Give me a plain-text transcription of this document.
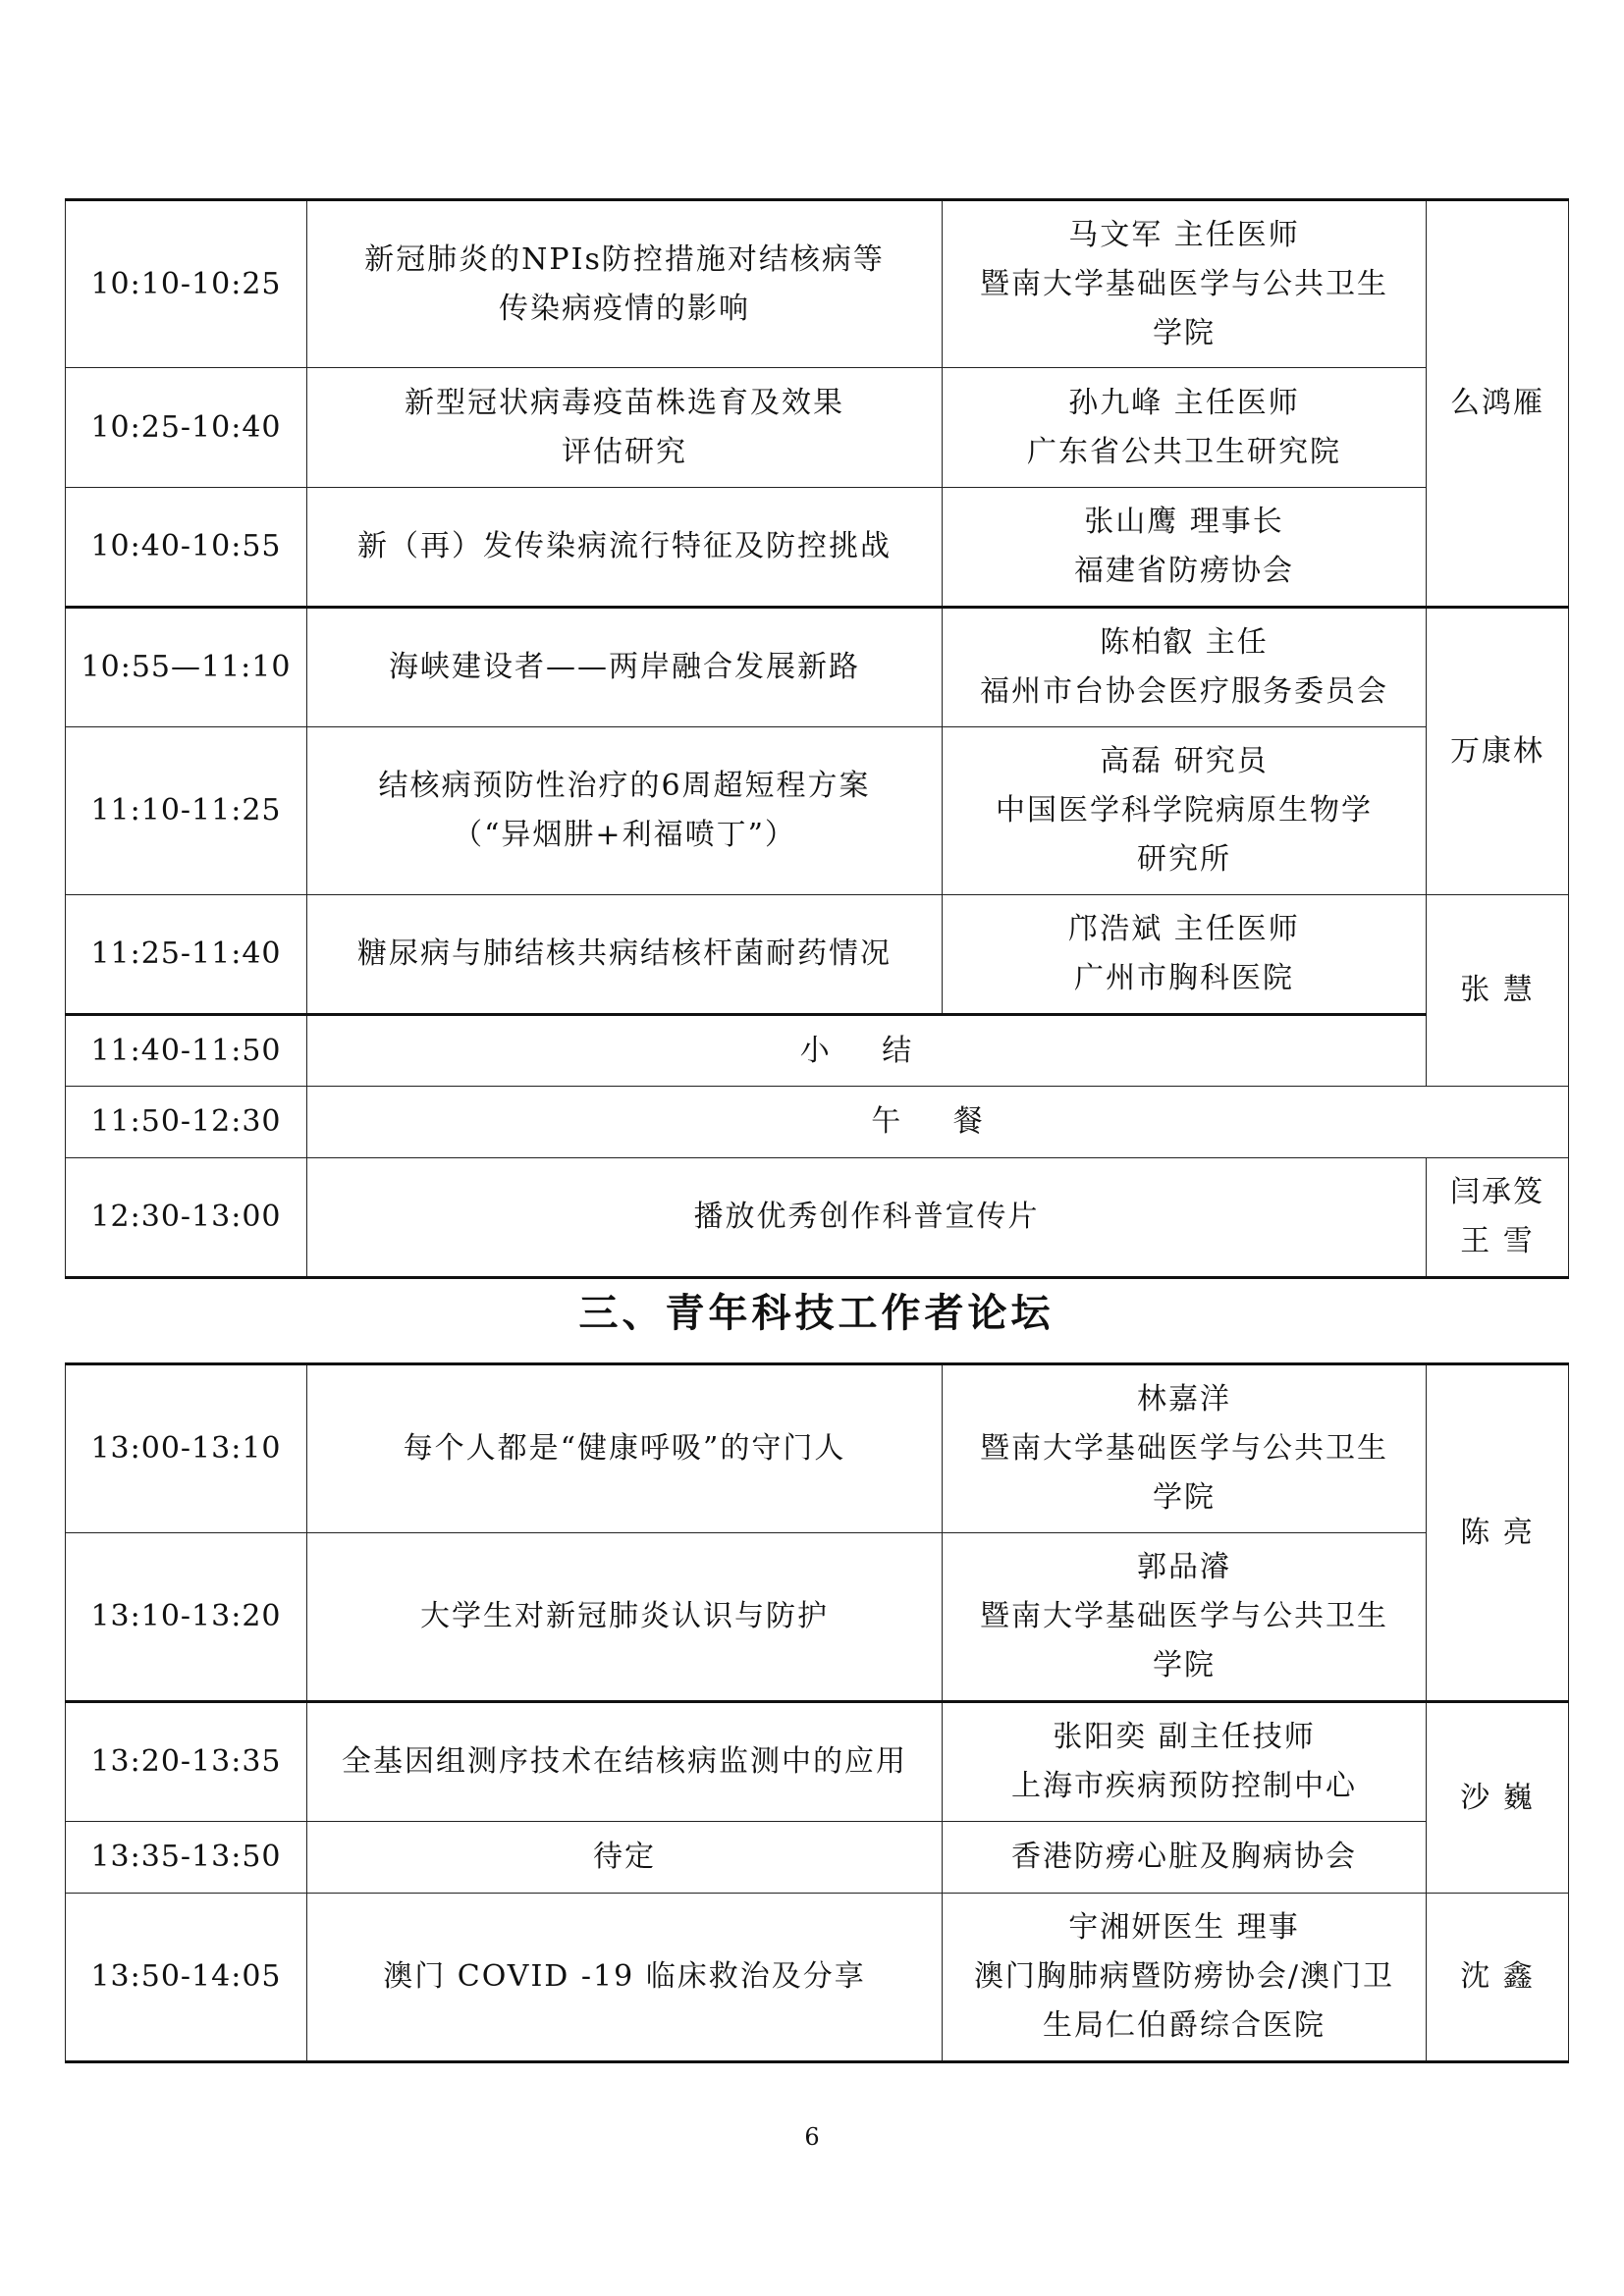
10:10-10:25	新冠肺炎的NPIs防控措施对结核病等
传染病疫情的影响	马文军 主任医师
暨南大学基础医学与公共卫生
学院	么鸿雁
10:25-10:40	新型冠状病毒疫苗株选育及效果
评估研究	孙九峰 主任医师
广东省公共卫生研究院	

10:40-10:55	新（再）发传染病流行特征及防控挑战	张山鹰 理事长
福建省防痨协会	

10:55—11:10	海峡建设者——两岸融合发展新路	陈柏叡 主任
福州市台协会医疗服务委员会	万康林
11:10-11:25	结核病预防性治疗的6周超短程方案
（“异烟肼+利福喷丁”）	高磊 研究员
中国医学科学院病原生物学
研究所	

11:25-11:40	糖尿病与肺结核共病结核杆菌耐药情况	邝浩斌 主任医师
广州市胸科医院	张 慧
11:40-11:50	小 结		

11:50-12:30	午 餐		

12:30-13:00	播放优秀创作科普宣传片		闫承笈
王 雪
三、青年科技工作者论坛
13:00-13:10	每个人都是“健康呼吸”的守门人	林嘉洋
暨南大学基础医学与公共卫生
学院	陈 亮
13:10-13:20	大学生对新冠肺炎认识与防护	郭品濬
暨南大学基础医学与公共卫生
学院	

13:20-13:35	全基因组测序技术在结核病监测中的应用	张阳奕 副主任技师
上海市疾病预防控制中心	沙 巍
13:35-13:50	待定	香港防痨心脏及胸病协会	

13:50-14:05	澳门 COVID -19 临床救治及分享	宇湘妍医生 理事
澳门胸肺病暨防痨协会/澳门卫
生局仁伯爵综合医院	沈 鑫
6
